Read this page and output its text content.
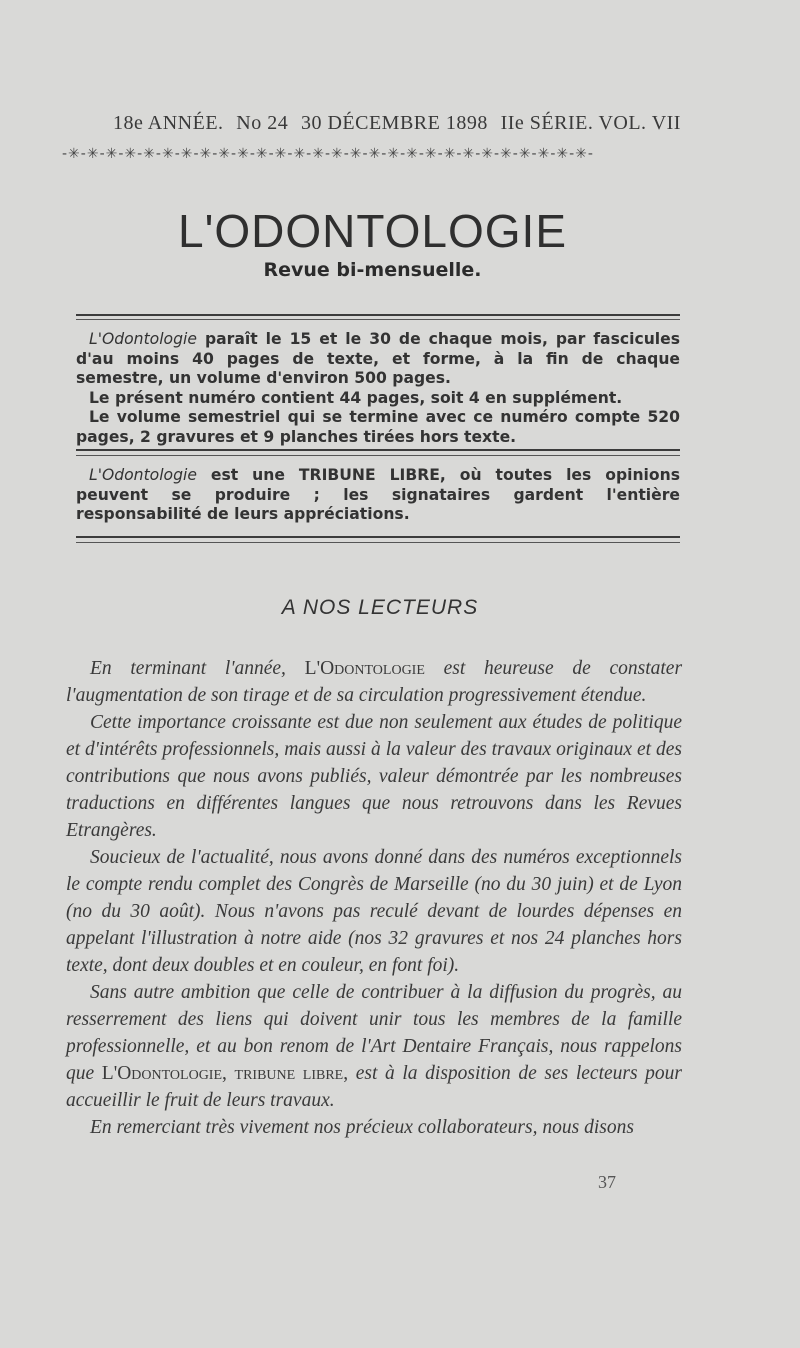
18e ANNÉE. No 24 30 DÉCEMBRE 1898 IIe SÉRIE. VOL. VII
-✳-✳-✳-✳-✳-✳-✳-✳-✳-✳-✳-✳-✳-✳-✳-✳-✳-✳-✳-✳-✳-✳-✳-✳-✳-✳-✳-✳-
L'ODONTOLOGIE
Revue bi-mensuelle.

L'Odontologie paraît le 15 et le 30 de chaque mois, par fascicules d'au moins 40 pages de texte, et forme, à la fin de chaque semestre, un volume d'environ 500 pages.

Le présent numéro contient 44 pages, soit 4 en supplément.

Le volume semestriel qui se termine avec ce numéro compte 520 pages, 2 gravures et 9 planches tirées hors texte.

L'Odontologie est une TRIBUNE LIBRE, où toutes les opinions peuvent se produire ; les signataires gardent l'entière responsabilité de leurs appréciations.

A NOS LECTEURS

En terminant l'année, L'Odontologie est heureuse de constater l'augmentation de son tirage et de sa circulation progressivement étendue.

Cette importance croissante est due non seulement aux études de politique et d'intérêts professionnels, mais aussi à la valeur des travaux originaux et des contributions que nous avons publiés, valeur démontrée par les nombreuses traductions en différentes langues que nous retrouvons dans les Revues Etrangères.

Soucieux de l'actualité, nous avons donné dans des numéros exceptionnels le compte rendu complet des Congrès de Marseille (no du 30 juin) et de Lyon (no du 30 août). Nous n'avons pas reculé devant de lourdes dépenses en appelant l'illustration à notre aide (nos 32 gravures et nos 24 planches hors texte, dont deux doubles et en couleur, en font foi).

Sans autre ambition que celle de contribuer à la diffusion du progrès, au resserrement des liens qui doivent unir tous les membres de la famille professionnelle, et au bon renom de l'Art Dentaire Français, nous rappelons que L'Odontologie, tribune libre, est à la disposition de ses lecteurs pour accueillir le fruit de leurs travaux.

En remerciant très vivement nos précieux collaborateurs, nous disons

37
